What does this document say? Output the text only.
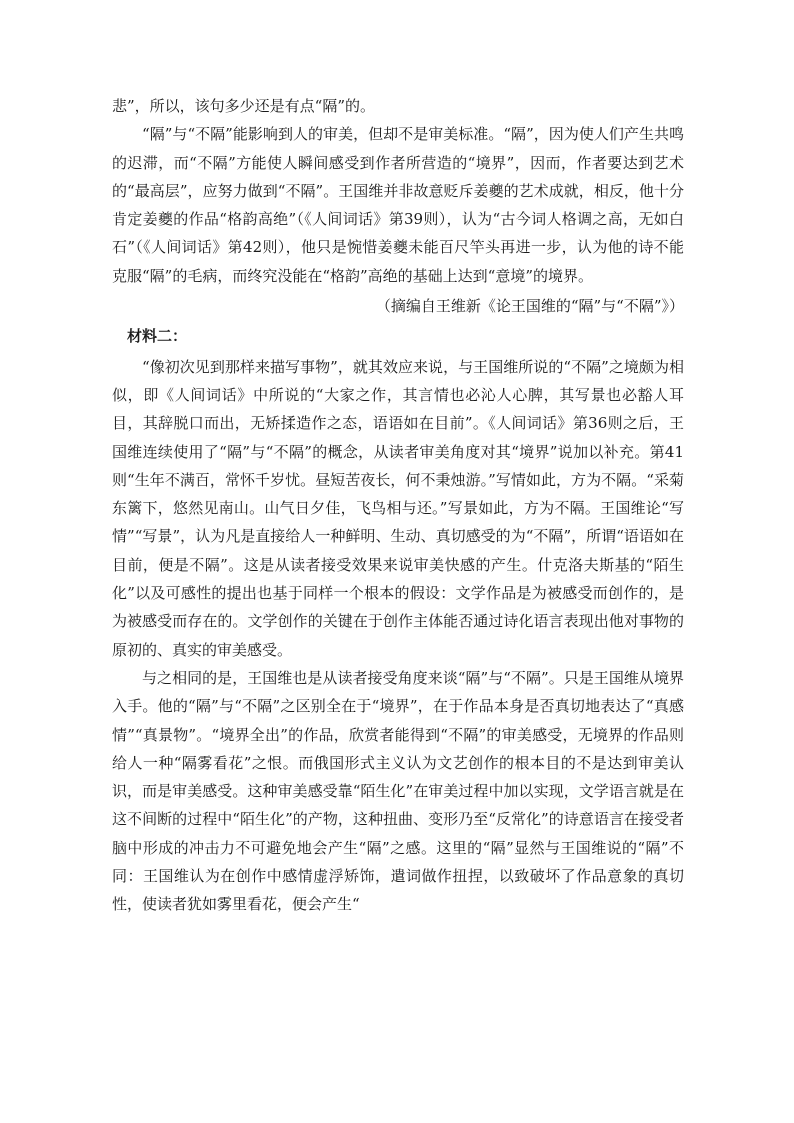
悲”，所以，该句多少还是有点“隔”的。

“隔”与“不隔”能影响到人的审美，但却不是审美标准。“隔”，因为使人们产生共鸣的迟滞，而“不隔”方能使人瞬间感受到作者所营造的“境界”，因而，作者要达到艺术的“最高层”，应努力做到“不隔”。王国维并非故意贬斥姜夔的艺术成就，相反，他十分肯定姜夔的作品“格韵高绝”（《人间词话》第39则），认为“古今词人格调之高，无如白石”（《人间词话》第42则），他只是惋惜姜夔未能百尺竿头再进一步，认为他的诗不能克服“隔”的毛病，而终究没能在“格韵”高绝的基础上达到“意境”的境界。

（摘编自王维新《论王国维的“隔”与“不隔”》）

材料二：

“像初次见到那样来描写事物”，就其效应来说，与王国维所说的“不隔”之境颇为相似，即《人间词话》中所说的“大家之作，其言情也必沁人心脾，其写景也必豁人耳目，其辞脱口而出，无矫揉造作之态，语语如在目前”。《人间词话》第36则之后，王国维连续使用了“隔”与“不隔”的概念，从读者审美角度对其“境界”说加以补充。第41则“生年不满百，常怀千岁忧。昼短苦夜长，何不秉烛游。”写情如此，方为不隔。“采菊东篱下，悠然见南山。山气日夕佳，飞鸟相与还。”写景如此，方为不隔。王国维论“写情”“写景”，认为凡是直接给人一种鲜明、生动、真切感受的为“不隔”，所谓“语语如在目前，便是不隔”。这是从读者接受效果来说审美快感的产生。什克洛夫斯基的“陌生化”以及可感性的提出也基于同样一个根本的假设：文学作品是为被感受而创作的，是为被感受而存在的。文学创作的关键在于创作主体能否通过诗化语言表现出他对事物的原初的、真实的审美感受。

与之相同的是，王国维也是从读者接受角度来谈“隔”与“不隔”。只是王国维从境界入手。他的“隔”与“不隔”之区别全在于“境界”，在于作品本身是否真切地表达了“真感情”“真景物”。“境界全出”的作品，欣赏者能得到“不隔”的审美感受，无境界的作品则给人一种“隔雾看花”之恨。而俄国形式主义认为文艺创作的根本目的不是达到审美认识，而是审美感受。这种审美感受靠“陌生化”在审美过程中加以实现，文学语言就是在这不间断的过程中“陌生化”的产物，这种扭曲、变形乃至“反常化”的诗意语言在接受者脑中形成的冲击力不可避免地会产生“隔”之感。这里的“隔”显然与王国维说的“隔”不同：王国维认为在创作中感情虚浮矫饰，遣词做作扭捏，以致破坏了作品意象的真切性，使读者犹如雾里看花，便会产生“
